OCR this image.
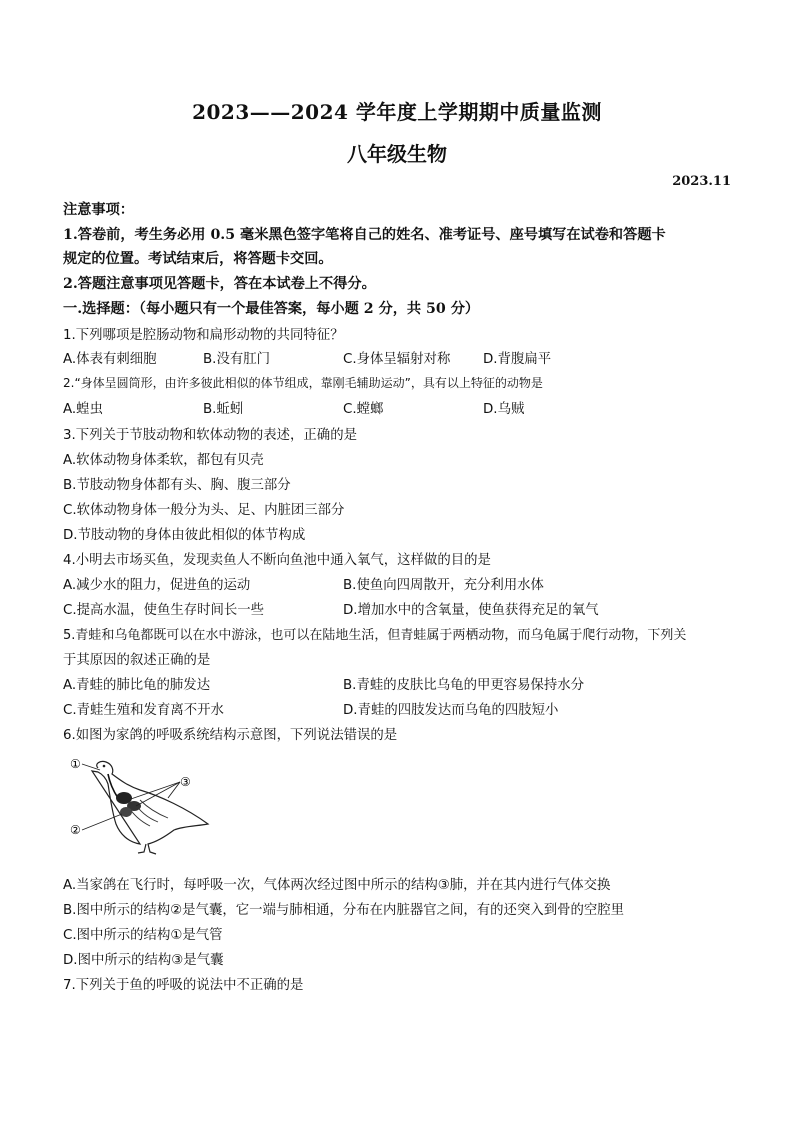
2023——2024 学年度上学期期中质量监测
八年级生物
2023.11
注意事项：
1.答卷前，考生务必用 0.5 毫米黑色签字笔将自己的姓名、准考证号、座号填写在试卷和答题卡
规定的位置。考试结束后，将答题卡交回。
2.答题注意事项见答题卡，答在本试卷上不得分。
一.选择题：（每小题只有一个最佳答案，每小题 2 分，共 50 分）
1.下列哪项是腔肠动物和扁形动物的共同特征？
A.体表有刺细胞	B.没有肛门	C.身体呈辐射对称 D.背腹扁平
2.“身体呈圆筒形，由许多彼此相似的体节组成，靠刚毛辅助运动”，具有以上特征的动物是
A.蝗虫	B.蚯蚓	C.螳螂	D.乌贼
3.下列关于节肢动物和软体动物的表述，正确的是
A.软体动物身体柔软，都包有贝壳
B.节肢动物身体都有头、胸、腹三部分
C.软体动物身体一般分为头、足、内脏团三部分
D.节肢动物的身体由彼此相似的体节构成
4.小明去市场买鱼，发现卖鱼人不断向鱼池中通入氧气，这样做的目的是
A.减少水的阻力，促进鱼的运动	B.使鱼向四周散开，充分利用水体
C.提高水温，使鱼生存时间长一些	D.增加水中的含氧量，使鱼获得充足的氧气
5.青蛙和乌龟都既可以在水中游泳，也可以在陆地生活，但青蛙属于两栖动物，而乌龟属于爬行动物，下列关
于其原因的叙述正确的是
A.青蛙的肺比龟的肺发达	B.青蛙的皮肤比乌龟的甲更容易保持水分
C.青蛙生殖和发育离不开水	D.青蛙的四肢发达而乌龟的四肢短小
6.如图为家鸽的呼吸系统结构示意图，下列说法错误的是
①
②
③
A.当家鸽在飞行时，每呼吸一次，气体两次经过图中所示的结构③肺，并在其内进行气体交换
B.图中所示的结构②是气囊，它一端与肺相通，分布在内脏器官之间，有的还突入到骨的空腔里
C.图中所示的结构①是气管
D.图中所示的结构③是气囊
7.下列关于鱼的呼吸的说法中不正确的是
